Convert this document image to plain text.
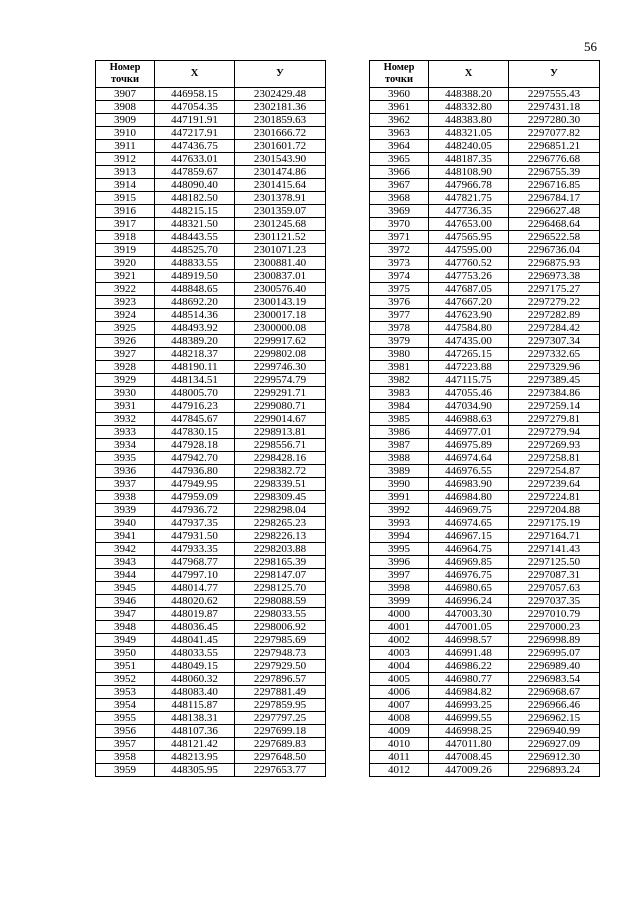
56
Номер
точки	X	У
3907	446958.15	2302429.48
3908	447054.35	2302181.36
3909	447191.91	2301859.63
3910	447217.91	2301666.72
3911	447436.75	2301601.72
3912	447633.01	2301543.90
3913	447859.67	2301474.86
3914	448090.40	2301415.64
3915	448182.50	2301378.91
3916	448215.15	2301359.07
3917	448321.50	2301245.68
3918	448443.55	2301121.52
3919	448525.70	2301071.23
3920	448833.55	2300881.40
3921	448919.50	2300837.01
3922	448848.65	2300576.40
3923	448692.20	2300143.19
3924	448514.36	2300017.18
3925	448493.92	2300000.08
3926	448389.20	2299917.62
3927	448218.37	2299802.08
3928	448190.11	2299746.30
3929	448134.51	2299574.79
3930	448005.70	2299291.71
3931	447916.23	2299080.71
3932	447845.67	2299014.67
3933	447830.15	2298913.81
3934	447928.18	2298556.71
3935	447942.70	2298428.16
3936	447936.80	2298382.72
3937	447949.95	2298339.51
3938	447959.09	2298309.45
3939	447936.72	2298298.04
3940	447937.35	2298265.23
3941	447931.50	2298226.13
3942	447933.35	2298203.88
3943	447968.77	2298165.39
3944	447997.10	2298147.07
3945	448014.77	2298125.70
3946	448020.62	2298088.59
3947	448019.87	2298033.55
3948	448036.45	2298006.92
3949	448041.45	2297985.69
3950	448033.55	2297948.73
3951	448049.15	2297929.50
3952	448060.32	2297896.57
3953	448083.40	2297881.49
3954	448115.87	2297859.95
3955	448138.31	2297797.25
3956	448107.36	2297699.18
3957	448121.42	2297689.83
3958	448213.95	2297648.50
3959	448305.95	2297653.77
Номер
точки	X	У
3960	448388.20	2297555.43
3961	448332.80	2297431.18
3962	448383.80	2297280.30
3963	448321.05	2297077.82
3964	448240.05	2296851.21
3965	448187.35	2296776.68
3966	448108.90	2296755.39
3967	447966.78	2296716.85
3968	447821.75	2296784.17
3969	447736.35	2296627.48
3970	447653.00	2296468.64
3971	447565.95	2296522.58
3972	447595.00	2296736.04
3973	447760.52	2296875.93
3974	447753.26	2296973.38
3975	447687.05	2297175.27
3976	447667.20	2297279.22
3977	447623.90	2297282.89
3978	447584.80	2297284.42
3979	447435.00	2297307.34
3980	447265.15	2297332.65
3981	447223.88	2297329.96
3982	447115.75	2297389.45
3983	447055.46	2297384.86
3984	447034.90	2297259.14
3985	446988.63	2297279.81
3986	446977.01	2297279.94
3987	446975.89	2297269.93
3988	446974.64	2297258.81
3989	446976.55	2297254.87
3990	446983.90	2297239.64
3991	446984.80	2297224.81
3992	446969.75	2297204.88
3993	446974.65	2297175.19
3994	446967.15	2297164.71
3995	446964.75	2297141.43
3996	446969.85	2297125.50
3997	446976.75	2297087.31
3998	446980.65	2297057.63
3999	446996.24	2297037.35
4000	447003.30	2297010.79
4001	447001.05	2297000.23
4002	446998.57	2296998.89
4003	446991.48	2296995.07
4004	446986.22	2296989.40
4005	446980.77	2296983.54
4006	446984.82	2296968.67
4007	446993.25	2296966.46
4008	446999.55	2296962.15
4009	446998.25	2296940.99
4010	447011.80	2296927.09
4011	447008.45	2296912.30
4012	447009.26	2296893.24
